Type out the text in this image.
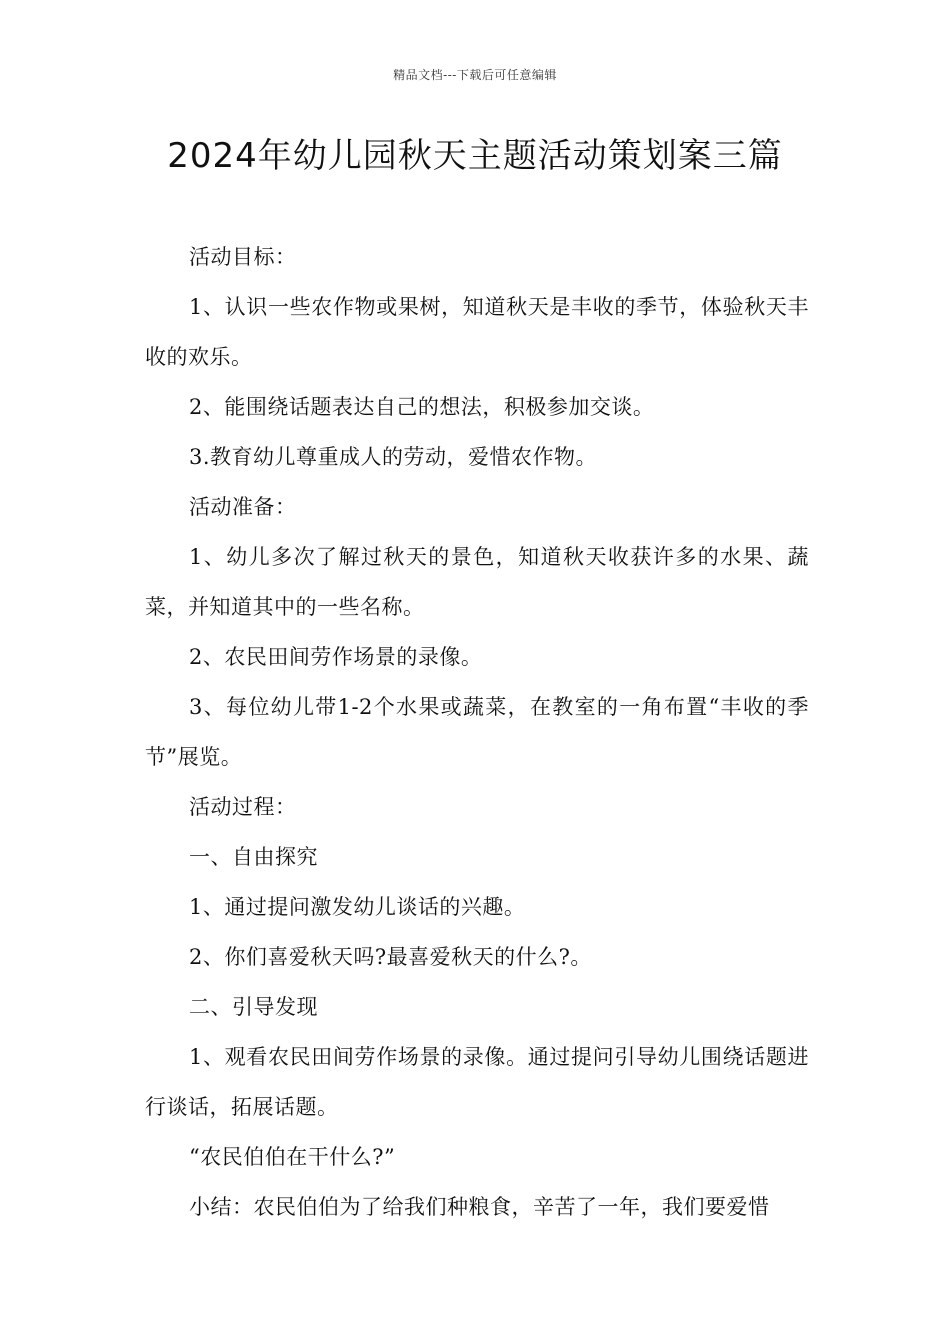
精品文档---下载后可任意编辑
2024年幼儿园秋天主题活动策划案三篇

活动目标：

1、认识一些农作物或果树，知道秋天是丰收的季节，体验秋天丰收的欢乐。

2、能围绕话题表达自己的想法，积极参加交谈。

3.教育幼儿尊重成人的劳动，爱惜农作物。

活动准备：

1、幼儿多次了解过秋天的景色，知道秋天收获许多的水果、蔬菜，并知道其中的一些名称。

2、农民田间劳作场景的录像。

3、每位幼儿带1-2个水果或蔬菜，在教室的一角布置“丰收的季节”展览。

活动过程：

一、自由探究

1、通过提问激发幼儿谈话的兴趣。

2、你们喜爱秋天吗?最喜爱秋天的什么?。

二、引导发现

1、观看农民田间劳作场景的录像。通过提问引导幼儿围绕话题进行谈话，拓展话题。

“农民伯伯在干什么?”

小结：农民伯伯为了给我们种粮食，辛苦了一年，我们要爱惜
